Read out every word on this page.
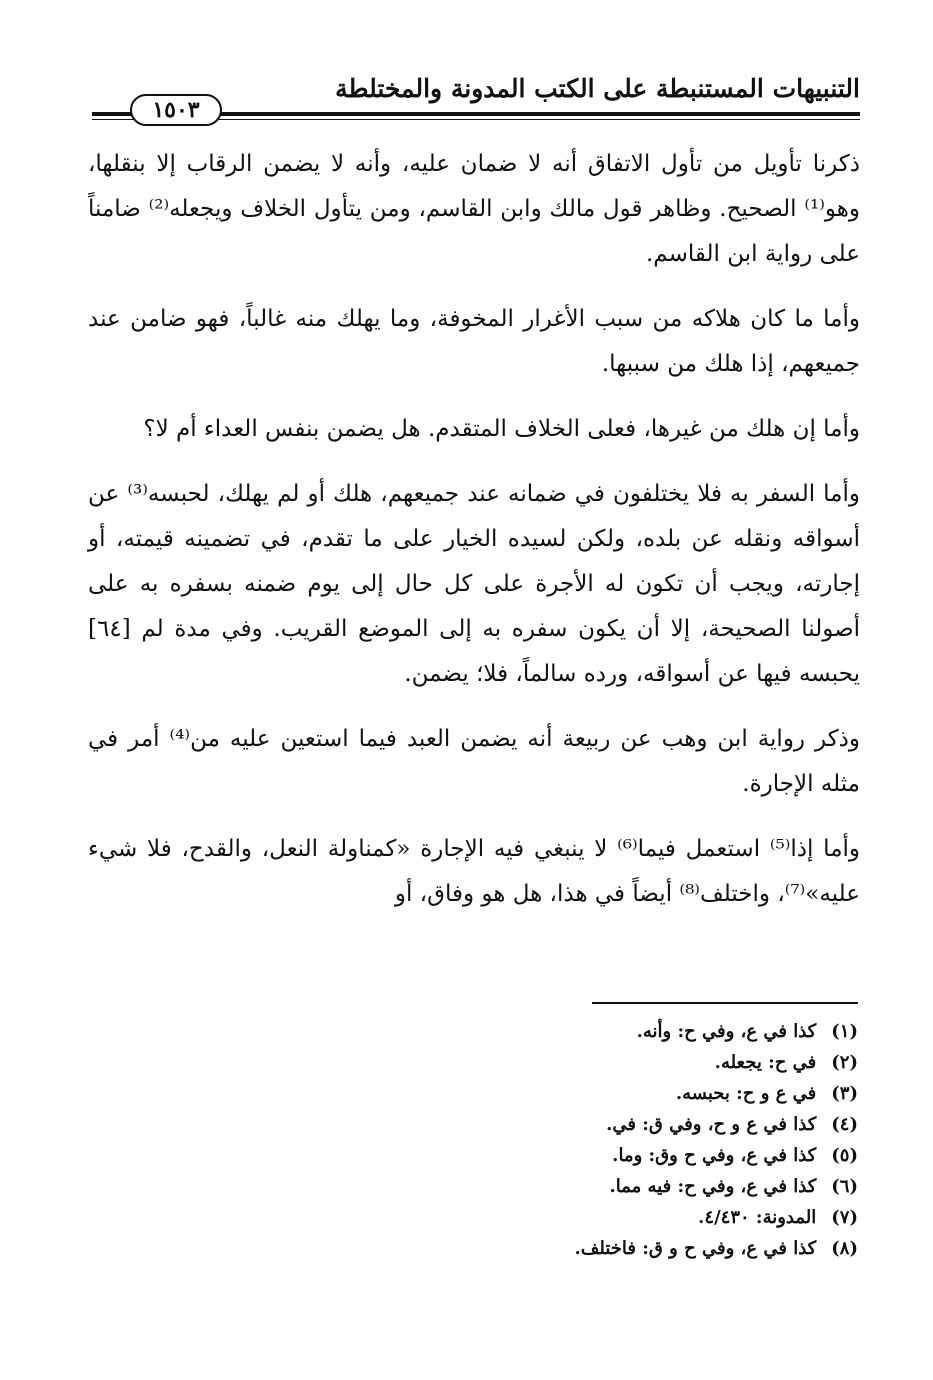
التنبيهات المستنبطة على الكتب المدونة والمختلطة
١٥٠٣

ذكرنا تأويل من تأول الاتفاق أنه لا ضمان عليه، وأنه لا يضمن الرقاب إلا بنقلها، وهو⁽¹⁾ الصحيح. وظاهر قول مالك وابن القاسم، ومن يتأول الخلاف ويجعله⁽²⁾ ضامناً على رواية ابن القاسم.

وأما ما كان هلاكه من سبب الأغرار المخوفة، وما يهلك منه غالباً، فهو ضامن عند جميعهم، إذا هلك من سببها.

وأما إن هلك من غيرها، فعلى الخلاف المتقدم. هل يضمن بنفس العداء أم لا؟

وأما السفر به فلا يختلفون في ضمانه عند جميعهم، هلك أو لم يهلك، لحبسه⁽³⁾ عن أسواقه ونقله عن بلده، ولكن لسيده الخيار على ما تقدم، في تضمينه قيمته، أو إجارته، ويجب أن تكون له الأجرة على كل حال إلى يوم ضمنه بسفره به على أصولنا الصحيحة، إلا أن يكون سفره به إلى الموضع القريب. وفي مدة لم [٦٤] يحبسه فيها عن أسواقه، ورده سالماً، فلا؛ يضمن.

وذكر رواية ابن وهب عن ربيعة أنه يضمن العبد فيما استعين عليه من⁽⁴⁾ أمر في مثله الإجارة.

وأما إذا⁽⁵⁾ استعمل فيما⁽⁶⁾ لا ينبغي فيه الإجارة «كمناولة النعل، والقدح، فلا شيء عليه»⁽⁷⁾، واختلف⁽⁸⁾ أيضاً في هذا، هل هو وفاق، أو

(١) كذا في ع، وفي ح: وأنه.
(٢) في ح: يجعله.
(٣) في ع و ح: بحبسه.
(٤) كذا في ع و ح، وفي ق: في.
(٥) كذا في ع، وفي ح وق: وما.
(٦) كذا في ع، وفي ح: فيه مما.
(٧) المدونة: ٤/٤٣٠.
(٨) كذا في ع، وفي ح و ق: فاختلف.
